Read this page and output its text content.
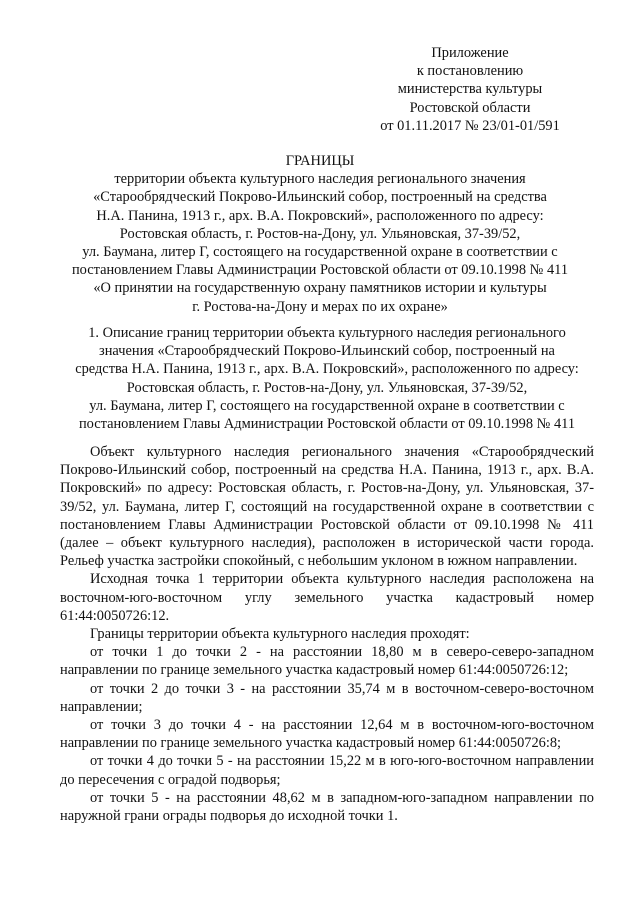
Приложение
к постановлению
министерства культуры
Ростовской области
от 01.11.2017 № 23/01-01/591
ГРАНИЦЫ
территории объекта культурного наследия регионального значения
«Старообрядческий Покрово-Ильинский собор, построенный на средства
Н.А. Панина, 1913 г., арх. В.А. Покровский», расположенного по адресу:
Ростовская область, г. Ростов-на-Дону, ул. Ульяновская, 37-39/52,
ул. Баумана, литер Г, состоящего на государственной охране в соответствии с
постановлением Главы Администрации Ростовской области от 09.10.1998 № 411
«О принятии на государственную охрану памятников истории и культуры
г. Ростова-на-Дону и мерах по их охране»
1. Описание границ территории объекта культурного наследия регионального
значения «Старообрядческий Покрово-Ильинский собор, построенный на
средства Н.А. Панина, 1913 г., арх. В.А. Покровский», расположенного по адресу:
Ростовская область, г. Ростов-на-Дону, ул. Ульяновская, 37-39/52,
ул. Баумана, литер Г, состоящего на государственной охране в соответствии с
постановлением Главы Администрации Ростовской области от 09.10.1998 № 411

Объект культурного наследия регионального значения «Старообрядческий Покрово-Ильинский собор, построенный на средства Н.А. Панина, 1913 г., арх. В.А. Покровский» по адресу: Ростовская область, г. Ростов-на-Дону, ул. Ульяновская, 37-39/52, ул. Баумана, литер Г, состоящий на государственной охране в соответствии с постановлением Главы Администрации Ростовской области от 09.10.1998 № 411 (далее – объект культурного наследия), расположен в исторической части города. Рельеф участка застройки спокойный, с небольшим уклоном в южном направлении.

Исходная точка 1 территории объекта культурного наследия расположена на восточном-юго-восточном углу земельного участка кадастровый номер 61:44:0050726:12.

Границы территории объекта культурного наследия проходят:

от точки 1 до точки 2 - на расстоянии 18,80 м в северо-северо-западном направлении по границе земельного участка кадастровый номер 61:44:0050726:12;

от точки 2 до точки 3 - на расстоянии 35,74 м в восточном-северо-восточном направлении;

от точки 3 до точки 4 - на расстоянии 12,64 м в восточном-юго-восточном направлении по границе земельного участка кадастровый номер 61:44:0050726:8;

от точки 4 до точки 5 - на расстоянии 15,22 м в юго-юго-восточном направлении до пересечения с оградой подворья;

от точки 5 - на расстоянии 48,62 м в западном-юго-западном направлении по наружной грани ограды подворья до исходной точки 1.
